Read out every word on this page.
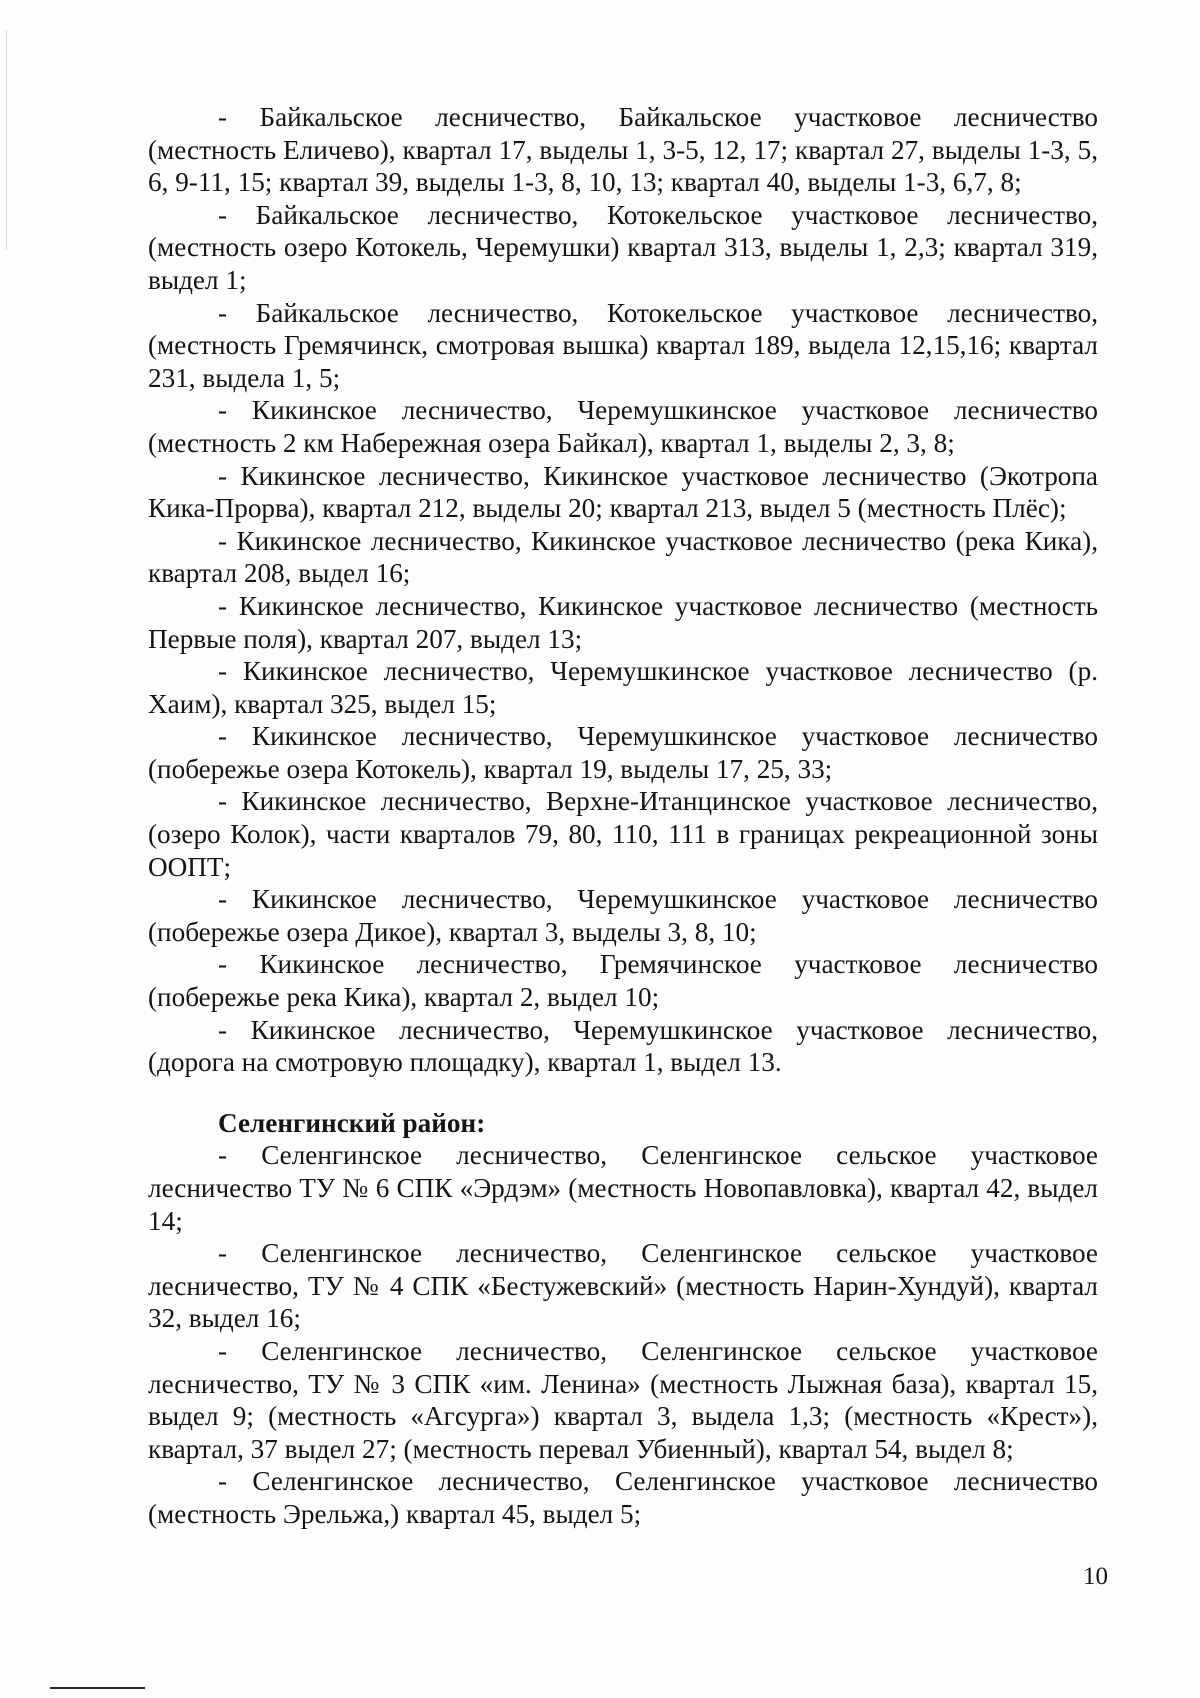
- Байкальское лесничество, Байкальское участковое лесничество (местность Еличево), квартал 17, выделы 1, 3-5, 12, 17; квартал 27, выделы 1-3, 5, 6, 9-11, 15; квартал 39, выделы 1-3, 8, 10, 13; квартал 40, выделы 1-3, 6,7, 8;

- Байкальское лесничество, Котокельское участковое лесничество, (местность озеро Котокель, Черемушки) квартал 313, выделы 1, 2,3; квартал 319, выдел 1;

- Байкальское лесничество, Котокельское участковое лесничество, (местность Гремячинск, смотровая вышка) квартал 189, выдела 12,15,16; квартал 231, выдела 1, 5;

- Кикинское лесничество, Черемушкинское участковое лесничество (местность 2 км Набережная озера Байкал), квартал 1, выделы 2, 3, 8;

- Кикинское лесничество, Кикинское участковое лесничество (Экотропа Кика-Прорва), квартал 212, выделы 20; квартал 213, выдел 5 (местность Плёс);

- Кикинское лесничество, Кикинское участковое лесничество (река Кика), квартал 208, выдел 16;

- Кикинское лесничество, Кикинское участковое лесничество (местность Первые поля), квартал 207, выдел 13;

- Кикинское лесничество, Черемушкинское участковое лесничество (р. Хаим), квартал 325, выдел 15;

- Кикинское лесничество, Черемушкинское участковое лесничество (побережье озера Котокель), квартал 19, выделы 17, 25, 33;

- Кикинское лесничество, Верхне-Итанцинское участковое лесничество, (озеро Колок), части кварталов 79, 80, 110, 111 в границах рекреационной зоны ООПТ;

- Кикинское лесничество, Черемушкинское участковое лесничество (побережье озера Дикое), квартал 3, выделы 3, 8, 10;

- Кикинское лесничество, Гремячинское участковое лесничество (побережье река Кика), квартал 2, выдел 10;

- Кикинское лесничество, Черемушкинское участковое лесничество, (дорога на смотровую площадку), квартал 1, выдел 13.

Селенгинский район:

- Селенгинское лесничество, Селенгинское сельское участковое лесничество ТУ № 6 СПК «Эрдэм» (местность Новопавловка), квартал 42, выдел 14;

- Селенгинское лесничество, Селенгинское сельское участковое лесничество, ТУ № 4 СПК «Бестужевский» (местность Нарин-Хундуй), квартал 32, выдел 16;

- Селенгинское лесничество, Селенгинское сельское участковое лесничество, ТУ № 3 СПК «им. Ленина» (местность Лыжная база), квартал 15, выдел 9; (местность «Агсурга») квартал 3, выдела 1,3; (местность «Крест»), квартал, 37 выдел 27; (местность перевал Убиенный), квартал 54, выдел 8;

- Селенгинское лесничество, Селенгинское участковое лесничество (местность Эрельжа,) квартал 45, выдел 5;

10
